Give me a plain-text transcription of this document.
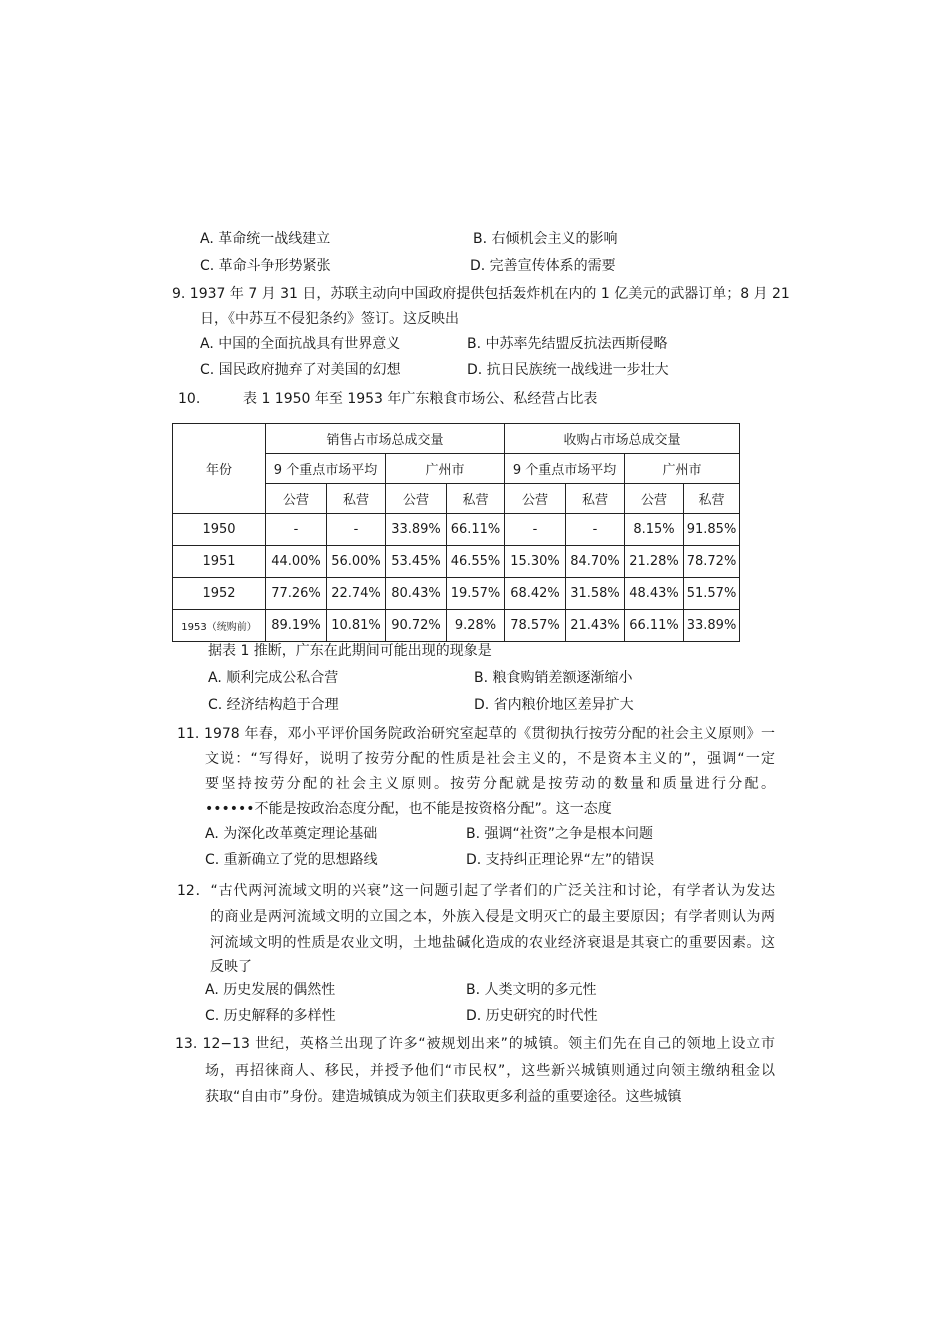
A. 革命统一战线建立	B. 右倾机会主义的影响
C. 革命斗争形势紧张	D. 完善宣传体系的需要
9. 1937 年 7 月 31 日，苏联主动向中国政府提供包括轰炸机在内的 1 亿美元的武器订单；8 月 21
日，《中苏互不侵犯条约》签订。这反映出
A. 中国的全面抗战具有世界意义	B. 中苏率先结盟反抗法西斯侵略
C. 国民政府抛弃了对美国的幻想	D. 抗日民族统一战线进一步壮大
10.	表 1 1950 年至 1953 年广东粮食市场公、私经营占比表
年份	销售占市场总成交量				收购占市场总成交量			
	9 个重点市场平均		广州市		9 个重点市场平均		广州市	
	公营	私营	公营	私营	公营	私营	公营	私营
1950	-	-	33.89%	66.11%	-	-	8.15%	91.85%
1951	44.00%	56.00%	53.45%	46.55%	15.30%	84.70%	21.28%	78.72%
1952	77.26%	22.74%	80.43%	19.57%	68.42%	31.58%	48.43%	51.57%
1953（统购前）	89.19%	10.81%	90.72%	9.28%	78.57%	21.43%	66.11%	33.89%
据表 1 推断，广东在此期间可能出现的现象是
A. 顺利完成公私合营	B. 粮食购销差额逐渐缩小
C. 经济结构趋于合理	D. 省内粮价地区差异扩大
11. 1978 年春，邓小平评价国务院政治研究室起草的《贯彻执行按劳分配的社会主义原则》一
文说：“写得好，说明了按劳分配的性质是社会主义的，不是资本主义的”，强调“一定
要坚持按劳分配的社会主义原则。按劳分配就是按劳动的数量和质量进行分配。
••••••不能是按政治态度分配，也不能是按资格分配”。这一态度
A. 为深化改革奠定理论基础	B. 强调“社资”之争是根本问题
C. 重新确立了党的思想路线	D. 支持纠正理论界“左”的错误
12．“古代两河流域文明的兴衰”这一问题引起了学者们的广泛关注和讨论，有学者认为发达
的商业是两河流域文明的立国之本，外族入侵是文明灭亡的最主要原因；有学者则认为两
河流域文明的性质是农业文明，土地盐碱化造成的农业经济衰退是其衰亡的重要因素。这
反映了
A. 历史发展的偶然性	B. 人类文明的多元性
C. 历史解释的多样性	D. 历史研究的时代性
13. 12−13 世纪，英格兰出现了许多“被规划出来”的城镇。领主们先在自己的领地上设立市
场，再招徕商人、移民，并授予他们“市民权”，这些新兴城镇则通过向领主缴纳租金以
获取“自由市”身份。建造城镇成为领主们获取更多利益的重要途径。这些城镇
